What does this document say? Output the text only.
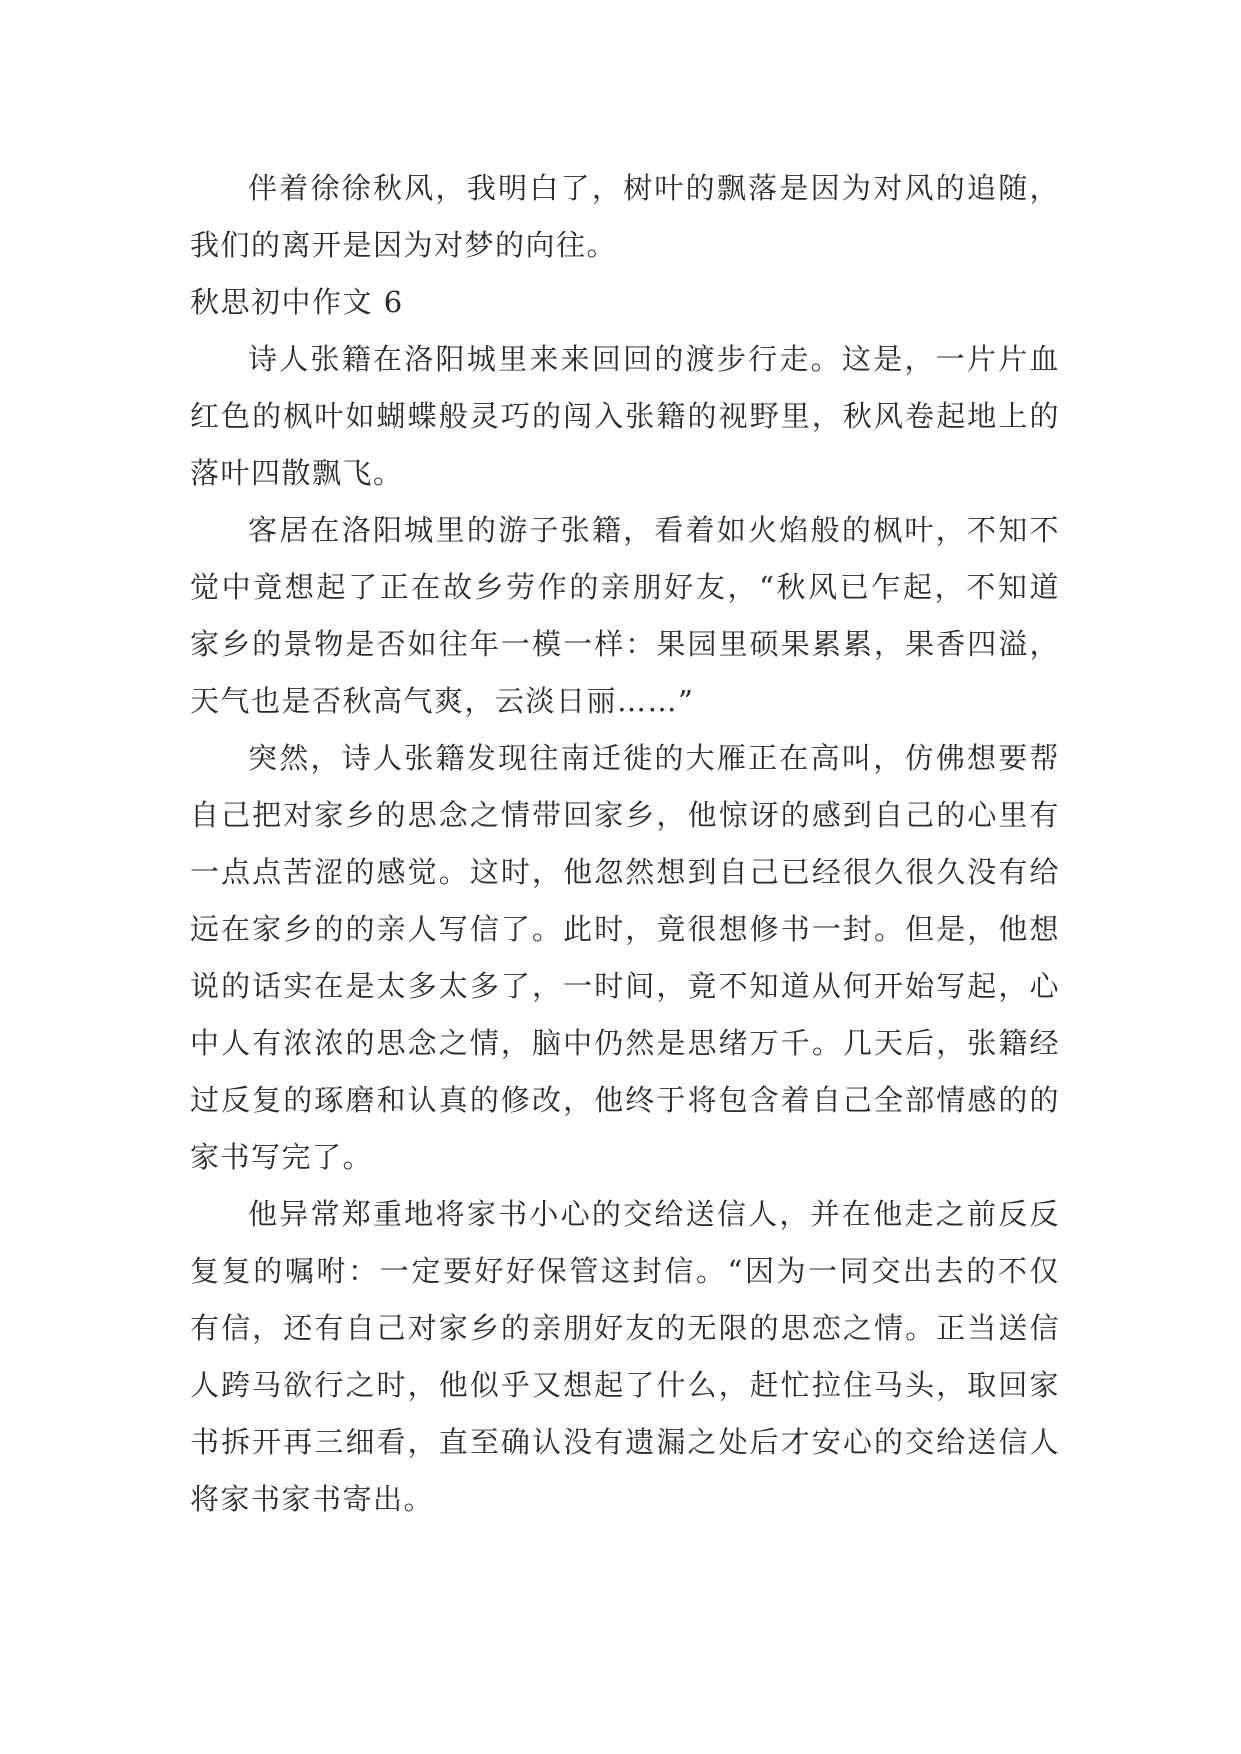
伴着徐徐秋风，我明白了，树叶的飘落是因为对风的追随，我们的离开是因为对梦的向往。

秋思初中作文 6

诗人张籍在洛阳城里来来回回的渡步行走。这是，一片片血红色的枫叶如蝴蝶般灵巧的闯入张籍的视野里，秋风卷起地上的落叶四散飘飞。

客居在洛阳城里的游子张籍，看着如火焰般的枫叶，不知不觉中竟想起了正在故乡劳作的亲朋好友，“秋风已乍起，不知道家乡的景物是否如往年一模一样：果园里硕果累累，果香四溢，天气也是否秋高气爽，云淡日丽……”

突然，诗人张籍发现往南迁徙的大雁正在高叫，仿佛想要帮自己把对家乡的思念之情带回家乡，他惊讶的感到自己的心里有一点点苦涩的感觉。这时，他忽然想到自己已经很久很久没有给远在家乡的的亲人写信了。此时，竟很想修书一封。但是，他想说的话实在是太多太多了，一时间，竟不知道从何开始写起，心中人有浓浓的思念之情，脑中仍然是思绪万千。几天后，张籍经过反复的琢磨和认真的修改，他终于将包含着自己全部情感的的家书写完了。

他异常郑重地将家书小心的交给送信人，并在他走之前反反复复的嘱咐：一定要好好保管这封信。“因为一同交出去的不仅有信，还有自己对家乡的亲朋好友的无限的思恋之情。正当送信人跨马欲行之时，他似乎又想起了什么，赶忙拉住马头，取回家书拆开再三细看，直至确认没有遗漏之处后才安心的交给送信人将家书家书寄出。
